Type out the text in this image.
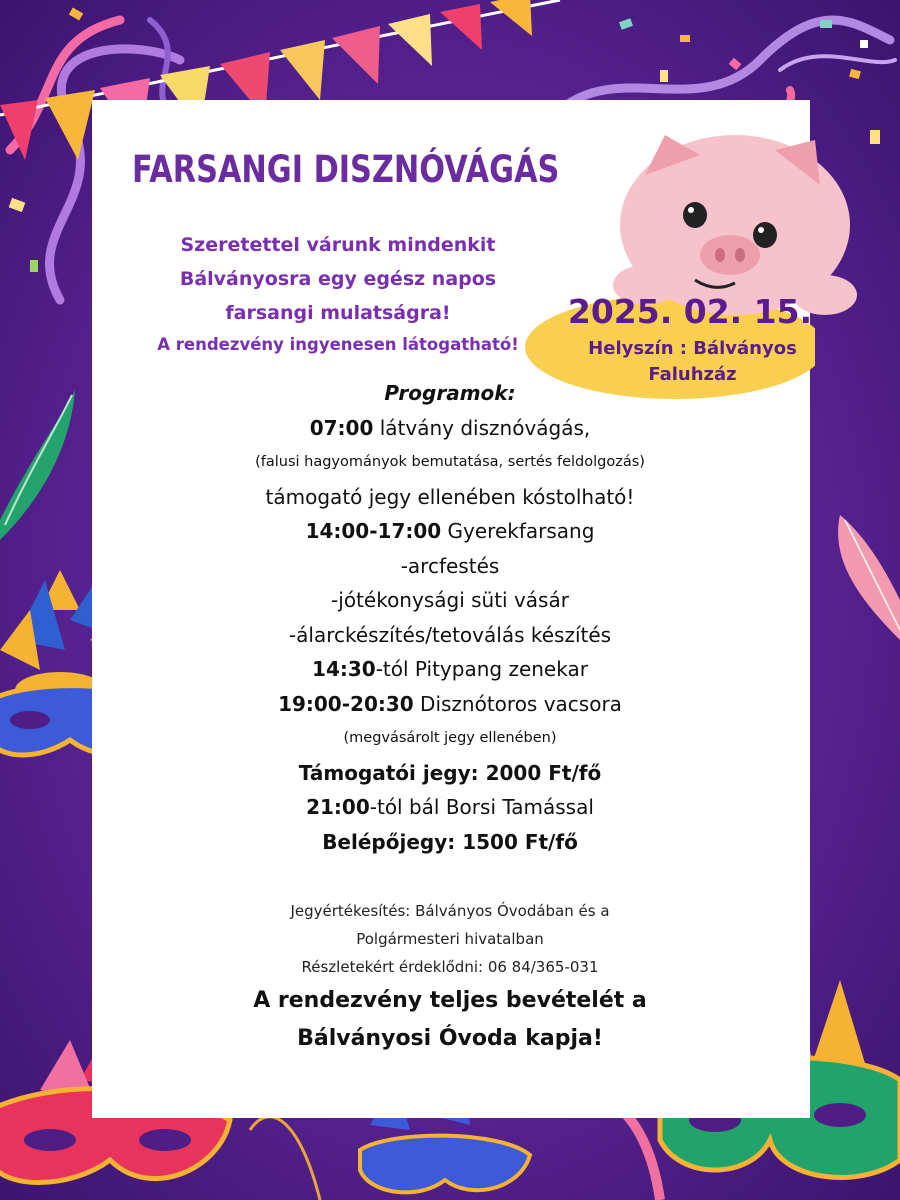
FARSANGI DISZNÓVÁGÁS
Szeretettel várunk mindenkit
Bálványosra egy egész napos
farsangi mulatságra!
A rendezvény ingyenesen látogatható!
2025. 02. 15.
Helyszín : Bálványos
Faluhzáz
Programok:
07:00 látvány disznóvágás,
(falusi hagyományok bemutatása, sertés feldolgozás)
támogató jegy ellenében kóstolható!
14:00-17:00 Gyerekfarsang
-arcfestés
-jótékonysági süti vásár
-álarckészítés/tetoválás készítés
14:30-tól Pitypang zenekar
19:00-20:30 Disznótoros vacsora
(megvásárolt jegy ellenében)
Támogatói jegy: 2000 Ft/fő
21:00-tól bál Borsi Tamással
Belépőjegy: 1500 Ft/fő
Jegyértékesítés: Bálványos Óvodában és a
Polgármesteri hivatalban
Részletekért érdeklődni: 06 84/365-031
A rendezvény teljes bevételét a
Bálványosi Óvoda kapja!
